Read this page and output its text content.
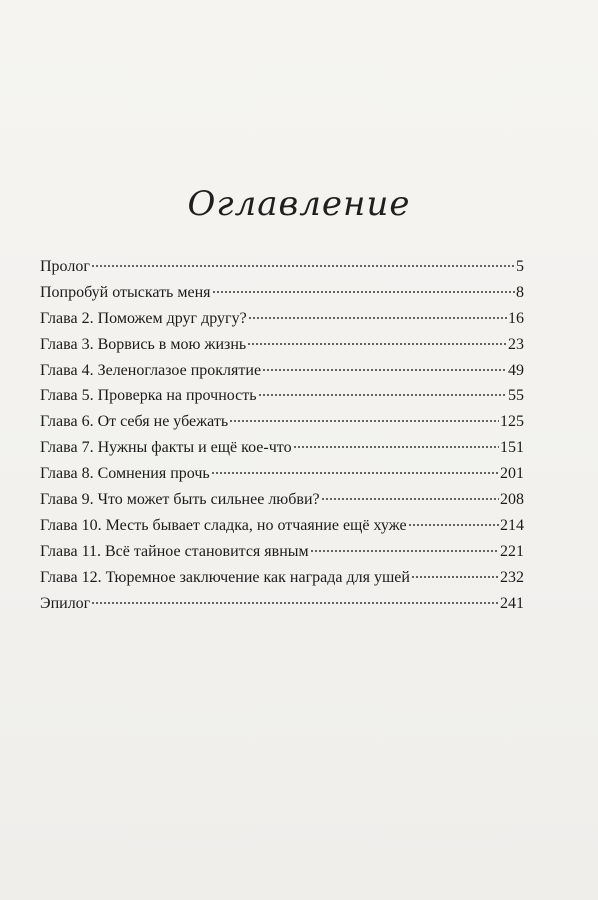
Оглавление
Пролог	5
Попробуй отыскать меня	8
Глава 2. Поможем друг другу?	16
Глава 3. Ворвись в мою жизнь	23
Глава 4. Зеленоглазое проклятие	49
Глава 5. Проверка на прочность	55
Глава 6. От себя не убежать	125
Глава 7. Нужны факты и ещё кое-что	151
Глава 8. Сомнения прочь	201
Глава 9. Что может быть сильнее любви?	208
Глава 10. Месть бывает сладка, но отчаяние ещё хуже	214
Глава 11. Всё тайное становится явным	221
Глава 12. Тюремное заключение как награда для ушей	232
Эпилог	241
